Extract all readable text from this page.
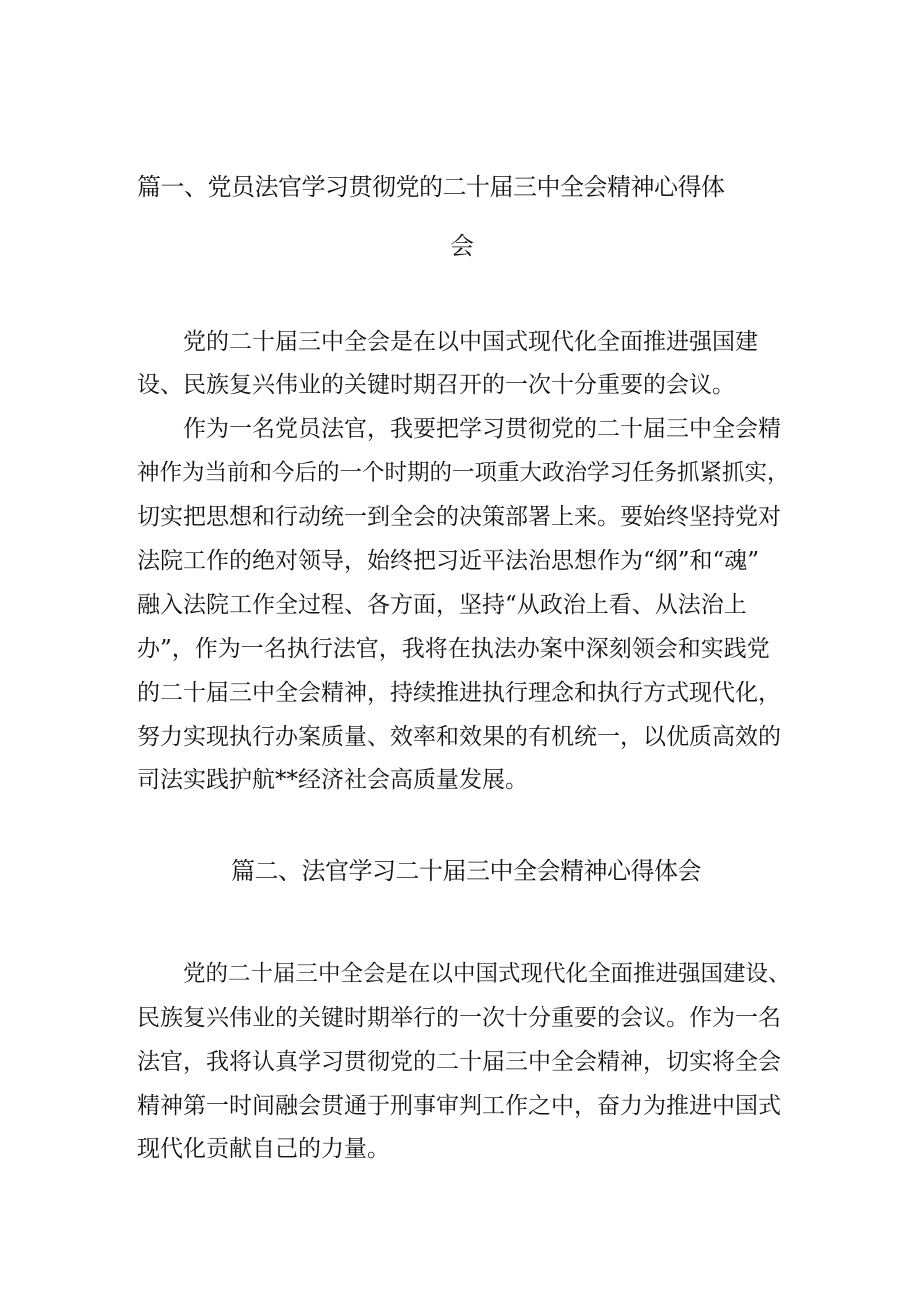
篇一、党员法官学习贯彻党的二十届三中全会精神心得体
会

党的二十届三中全会是在以中国式现代化全面推进强国建

设、民族复兴伟业的关键时期召开的一次十分重要的会议。

作为一名党员法官，我要把学习贯彻党的二十届三中全会精

神作为当前和今后的一个时期的一项重大政治学习任务抓紧抓实，

切实把思想和行动统一到全会的决策部署上来。要始终坚持党对

法院工作的绝对领导，始终把习近平法治思想作为“纲”和“魂”

融入法院工作全过程、各方面，坚持“从政治上看、从法治上

办”，作为一名执行法官，我将在执法办案中深刻领会和实践党

的二十届三中全会精神，持续推进执行理念和执行方式现代化，

努力实现执行办案质量、效率和效果的有机统一，以优质高效的

司法实践护航**经济社会高质量发展。

篇二、法官学习二十届三中全会精神心得体会

党的二十届三中全会是在以中国式现代化全面推进强国建设、

民族复兴伟业的关键时期举行的一次十分重要的会议。作为一名

法官，我将认真学习贯彻党的二十届三中全会精神，切实将全会

精神第一时间融会贯通于刑事审判工作之中，奋力为推进中国式

现代化贡献自己的力量。
